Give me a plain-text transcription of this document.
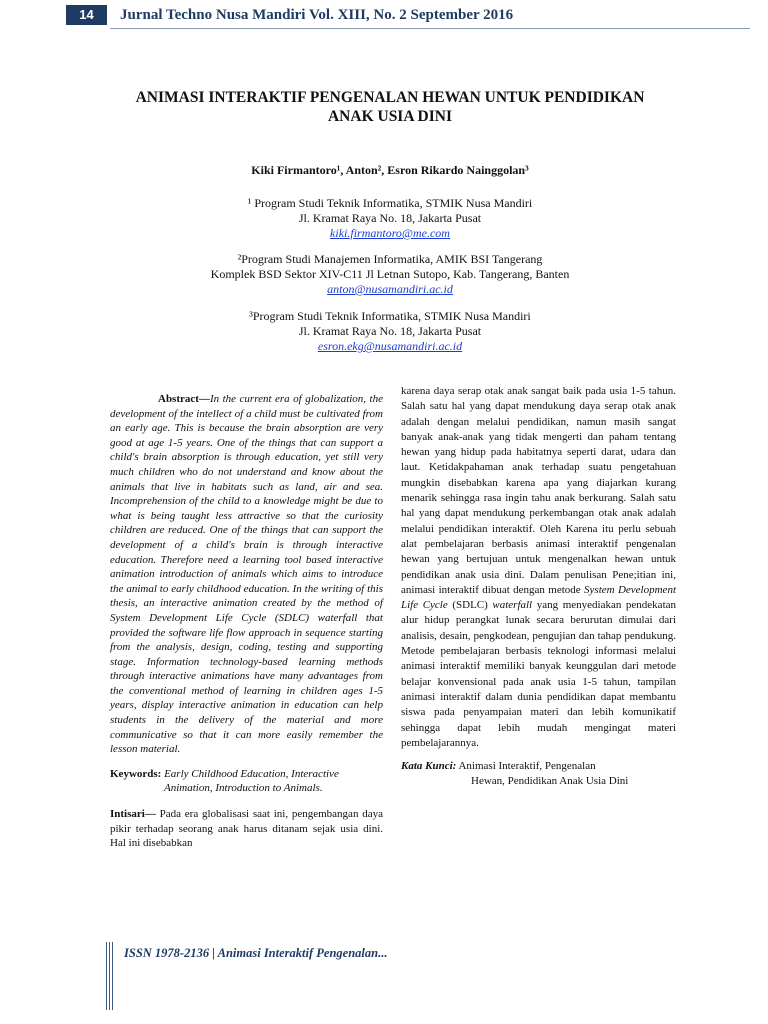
14	Jurnal Techno Nusa Mandiri Vol. XIII, No. 2 September 2016
ANIMASI INTERAKTIF PENGENALAN HEWAN UNTUK PENDIDIKAN
ANAK USIA DINI
Kiki Firmantoro¹, Anton², Esron Rikardo Nainggolan³
¹ Program Studi Teknik Informatika, STMIK Nusa Mandiri
Jl. Kramat Raya No. 18, Jakarta Pusat
kiki.firmantoro@me.com
²Program Studi Manajemen Informatika, AMIK BSI Tangerang
Komplek BSD Sektor XIV-C11 Jl Letnan Sutopo, Kab. Tangerang, Banten
anton@nusamandiri.ac.id
³Program Studi Teknik Informatika, STMIK Nusa Mandiri
Jl. Kramat Raya No. 18, Jakarta Pusat
esron.ekg@nusamandiri.ac.id
Abstract—In the current era of globalization, the development of the intellect of a child must be cultivated from an early age. This is because the brain absorption are very good at age 1-5 years. One of the things that can support a child's brain absorption is through education, yet still very much children who do not understand and know about the animals that live in habitats such as land, air and sea. Incomprehension of the child to a knowledge might be due to what is being taught less attractive so that the curiosity children are reduced. One of the things that can support the development of a child's brain is through interactive education. Therefore need a learning tool based interactive animation introduction of animals which aims to introduce the animal to early childhood education. In the writing of this thesis, an interactive animation created by the method of System Development Life Cycle (SDLC) waterfall that provided the software life flow approach in sequence starting from the analysis, design, coding, testing and supporting stage. Information technology-based learning methods through interactive animations have many advantages from the conventional method of learning in children ages 1-5 years, display interactive animation in education can help students in the delivery of the material and more communicative so that it can more easily remember the lesson material.
Keywords: Early Childhood Education, Interactive
Animation, Introduction to Animals.
Intisari— Pada era globalisasi saat ini, pengembangan daya pikir terhadap seorang anak harus ditanam sejak usia dini. Hal ini disebabkan
karena daya serap otak anak sangat baik pada usia 1-5 tahun. Salah satu hal yang dapat mendukung daya serap otak anak adalah dengan melalui pendidikan, namun masih sangat banyak anak-anak yang tidak mengerti dan paham tentang hewan yang hidup pada habitatnya seperti darat, udara dan laut. Ketidakpahaman anak terhadap suatu pengetahuan mungkin disebabkan karena apa yang diajarkan kurang menarik sehingga rasa ingin tahu anak berkurang. Salah satu hal yang dapat mendukung perkembangan otak anak adalah melalui pendidikan interaktif. Oleh Karena itu perlu sebuah alat pembelajaran berbasis animasi interaktif pengenalan hewan yang bertujuan untuk mengenalkan hewan untuk pendidikan anak usia dini. Dalam penulisan Pene;itian ini, animasi interaktif dibuat dengan metode System Development Life Cycle (SDLC) waterfall yang menyediakan pendekatan alur hidup perangkat lunak secara berurutan dimulai dari analisis, desain, pengkodean, pengujian dan tahap pendukung. Metode pembelajaran berbasis teknologi informasi melalui animasi interaktif memiliki banyak keunggulan dari metode belajar konvensional pada anak usia 1-5 tahun, tampilan animasi interaktif dalam dunia pendidikan dapat membantu siswa pada penyampaian materi dan lebih komunikatif sehingga dapat lebih mudah mengingat materi pembelajarannya.
Kata Kunci: Animasi Interaktif, Pengenalan
Hewan, Pendidikan Anak Usia Dini
ISSN 1978-2136 | Animasi Interaktif Pengenalan...
